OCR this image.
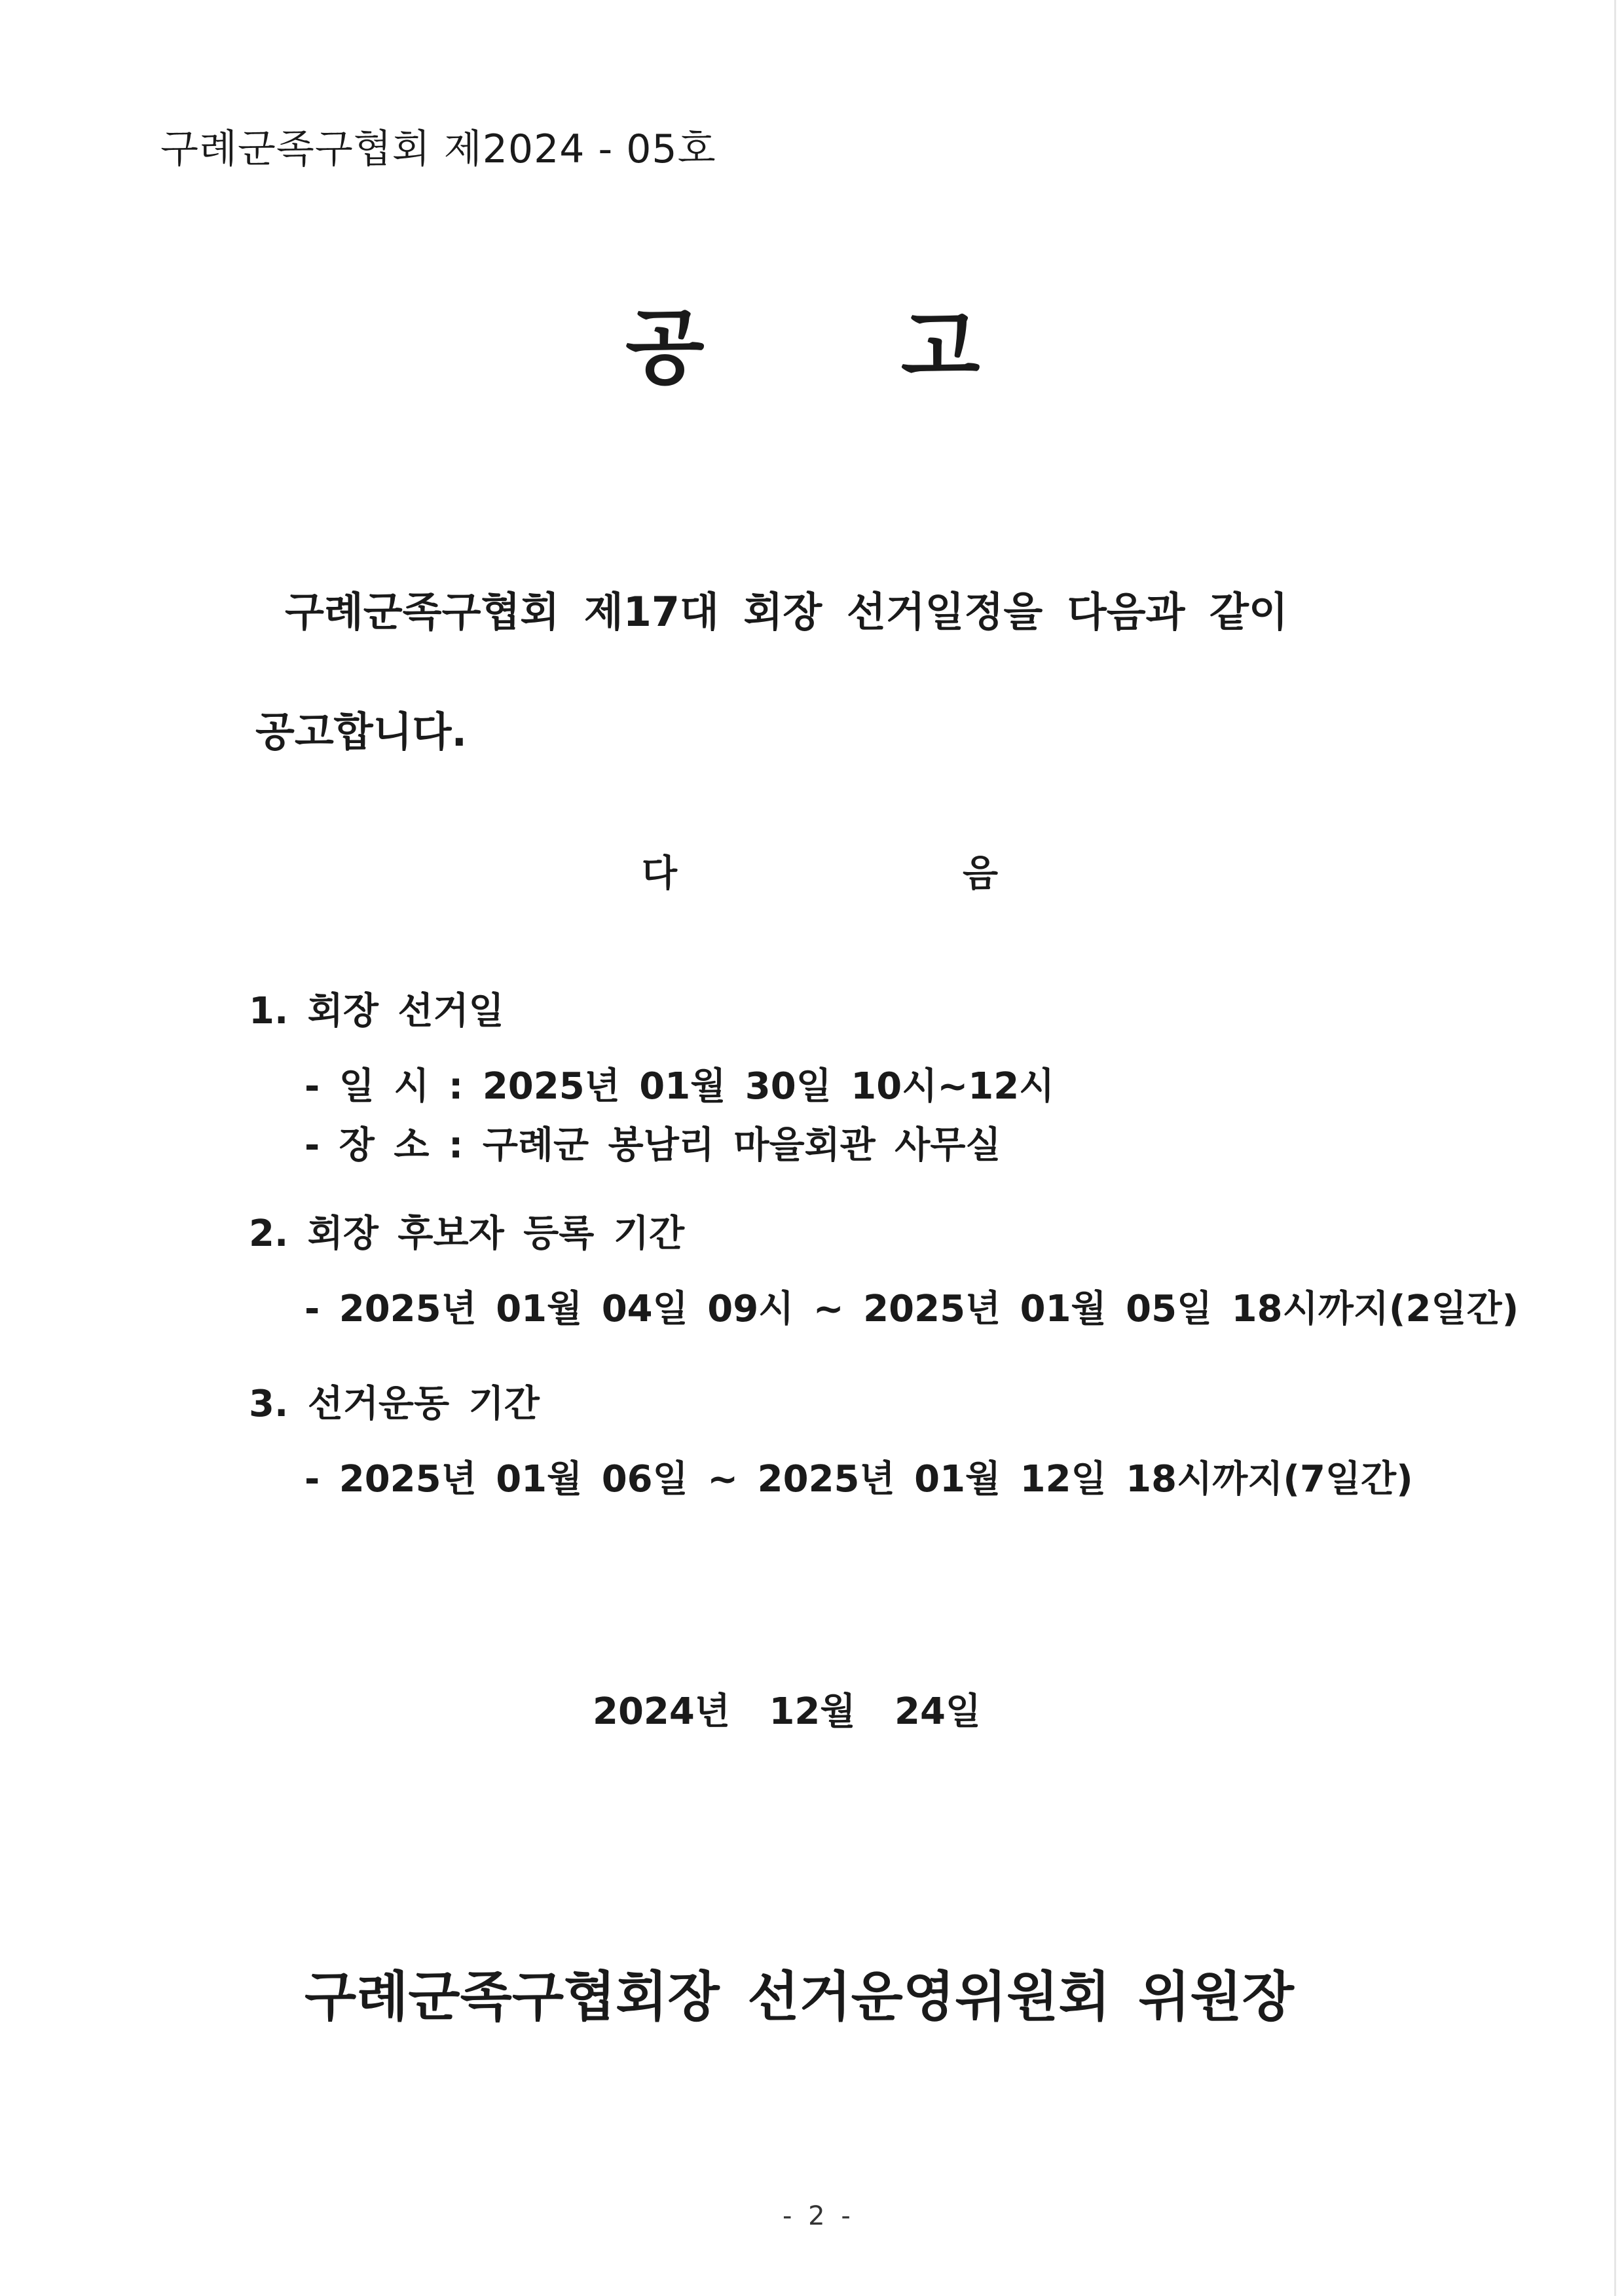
구례군족구협회 제2024 - 05호
공 고
구례군족구협회 제17대 회장 선거일정을 다음과 같이
공고합니다.
다	음
1. 회장 선거일
- 일 시 : 2025년 01월 30일 10시~12시
- 장 소 : 구례군 봉남리 마을회관 사무실
2. 회장 후보자 등록 기간
- 2025년 01월 04일 09시 ~ 2025년 01월 05일 18시까지(2일간)
3. 선거운동 기간
- 2025년 01월 06일 ~ 2025년 01월 12일 18시까지(7일간)
2024년 12월 24일
구례군족구협회장 선거운영위원회 위원장
- 2 -
